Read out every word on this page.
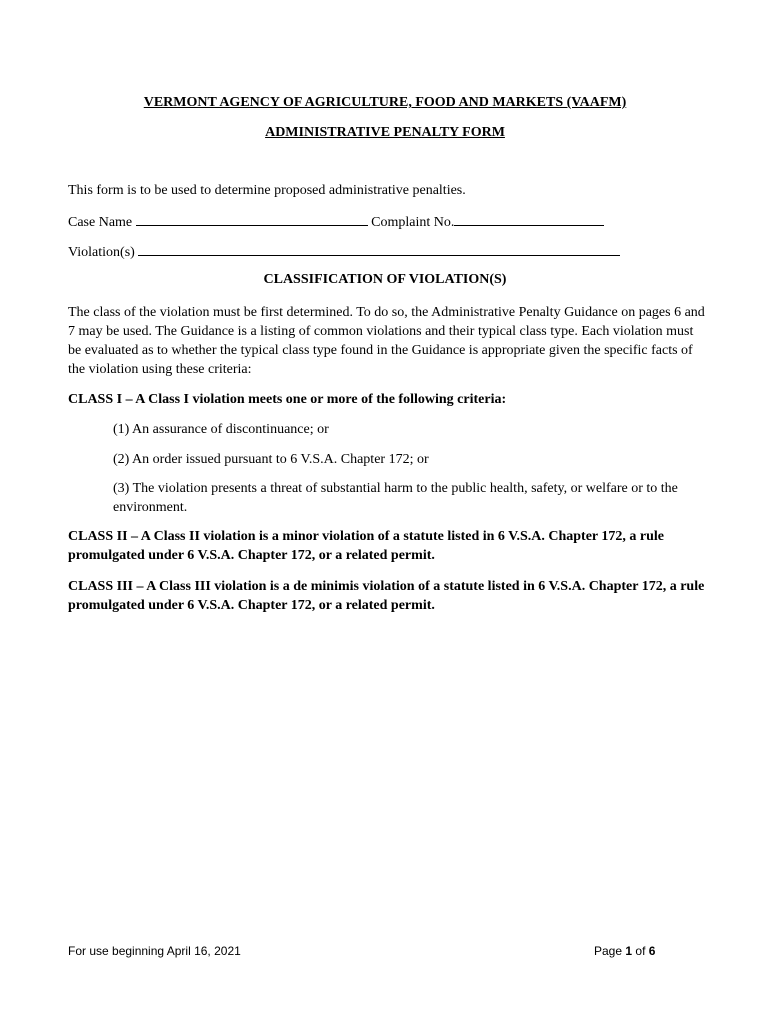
VERMONT AGENCY OF AGRICULTURE, FOOD AND MARKETS (VAAFM)
ADMINISTRATIVE PENALTY FORM
This form is to be used to determine proposed administrative penalties.
Case Name	Complaint No.
Violation(s)
CLASSIFICATION OF VIOLATION(S)
The class of the violation must be first determined. To do so, the Administrative Penalty Guidance on pages 6 and 7 may be used. The Guidance is a listing of common violations and their typical class type. Each violation must be evaluated as to whether the typical class type found in the Guidance is appropriate given the specific facts of the violation using these criteria:
CLASS I – A Class I violation meets one or more of the following criteria:
(1) An assurance of discontinuance; or
(2) An order issued pursuant to 6 V.S.A. Chapter 172; or
(3) The violation presents a threat of substantial harm to the public health, safety, or welfare or to the environment.
CLASS II – A Class II violation is a minor violation of a statute listed in 6 V.S.A. Chapter 172, a rule promulgated under 6 V.S.A. Chapter 172, or a related permit.
CLASS III – A Class III violation is a de minimis violation of a statute listed in 6 V.S.A. Chapter 172, a rule promulgated under 6 V.S.A. Chapter 172, or a related permit.
For use beginning April 16, 2021	Page 1 of 6
